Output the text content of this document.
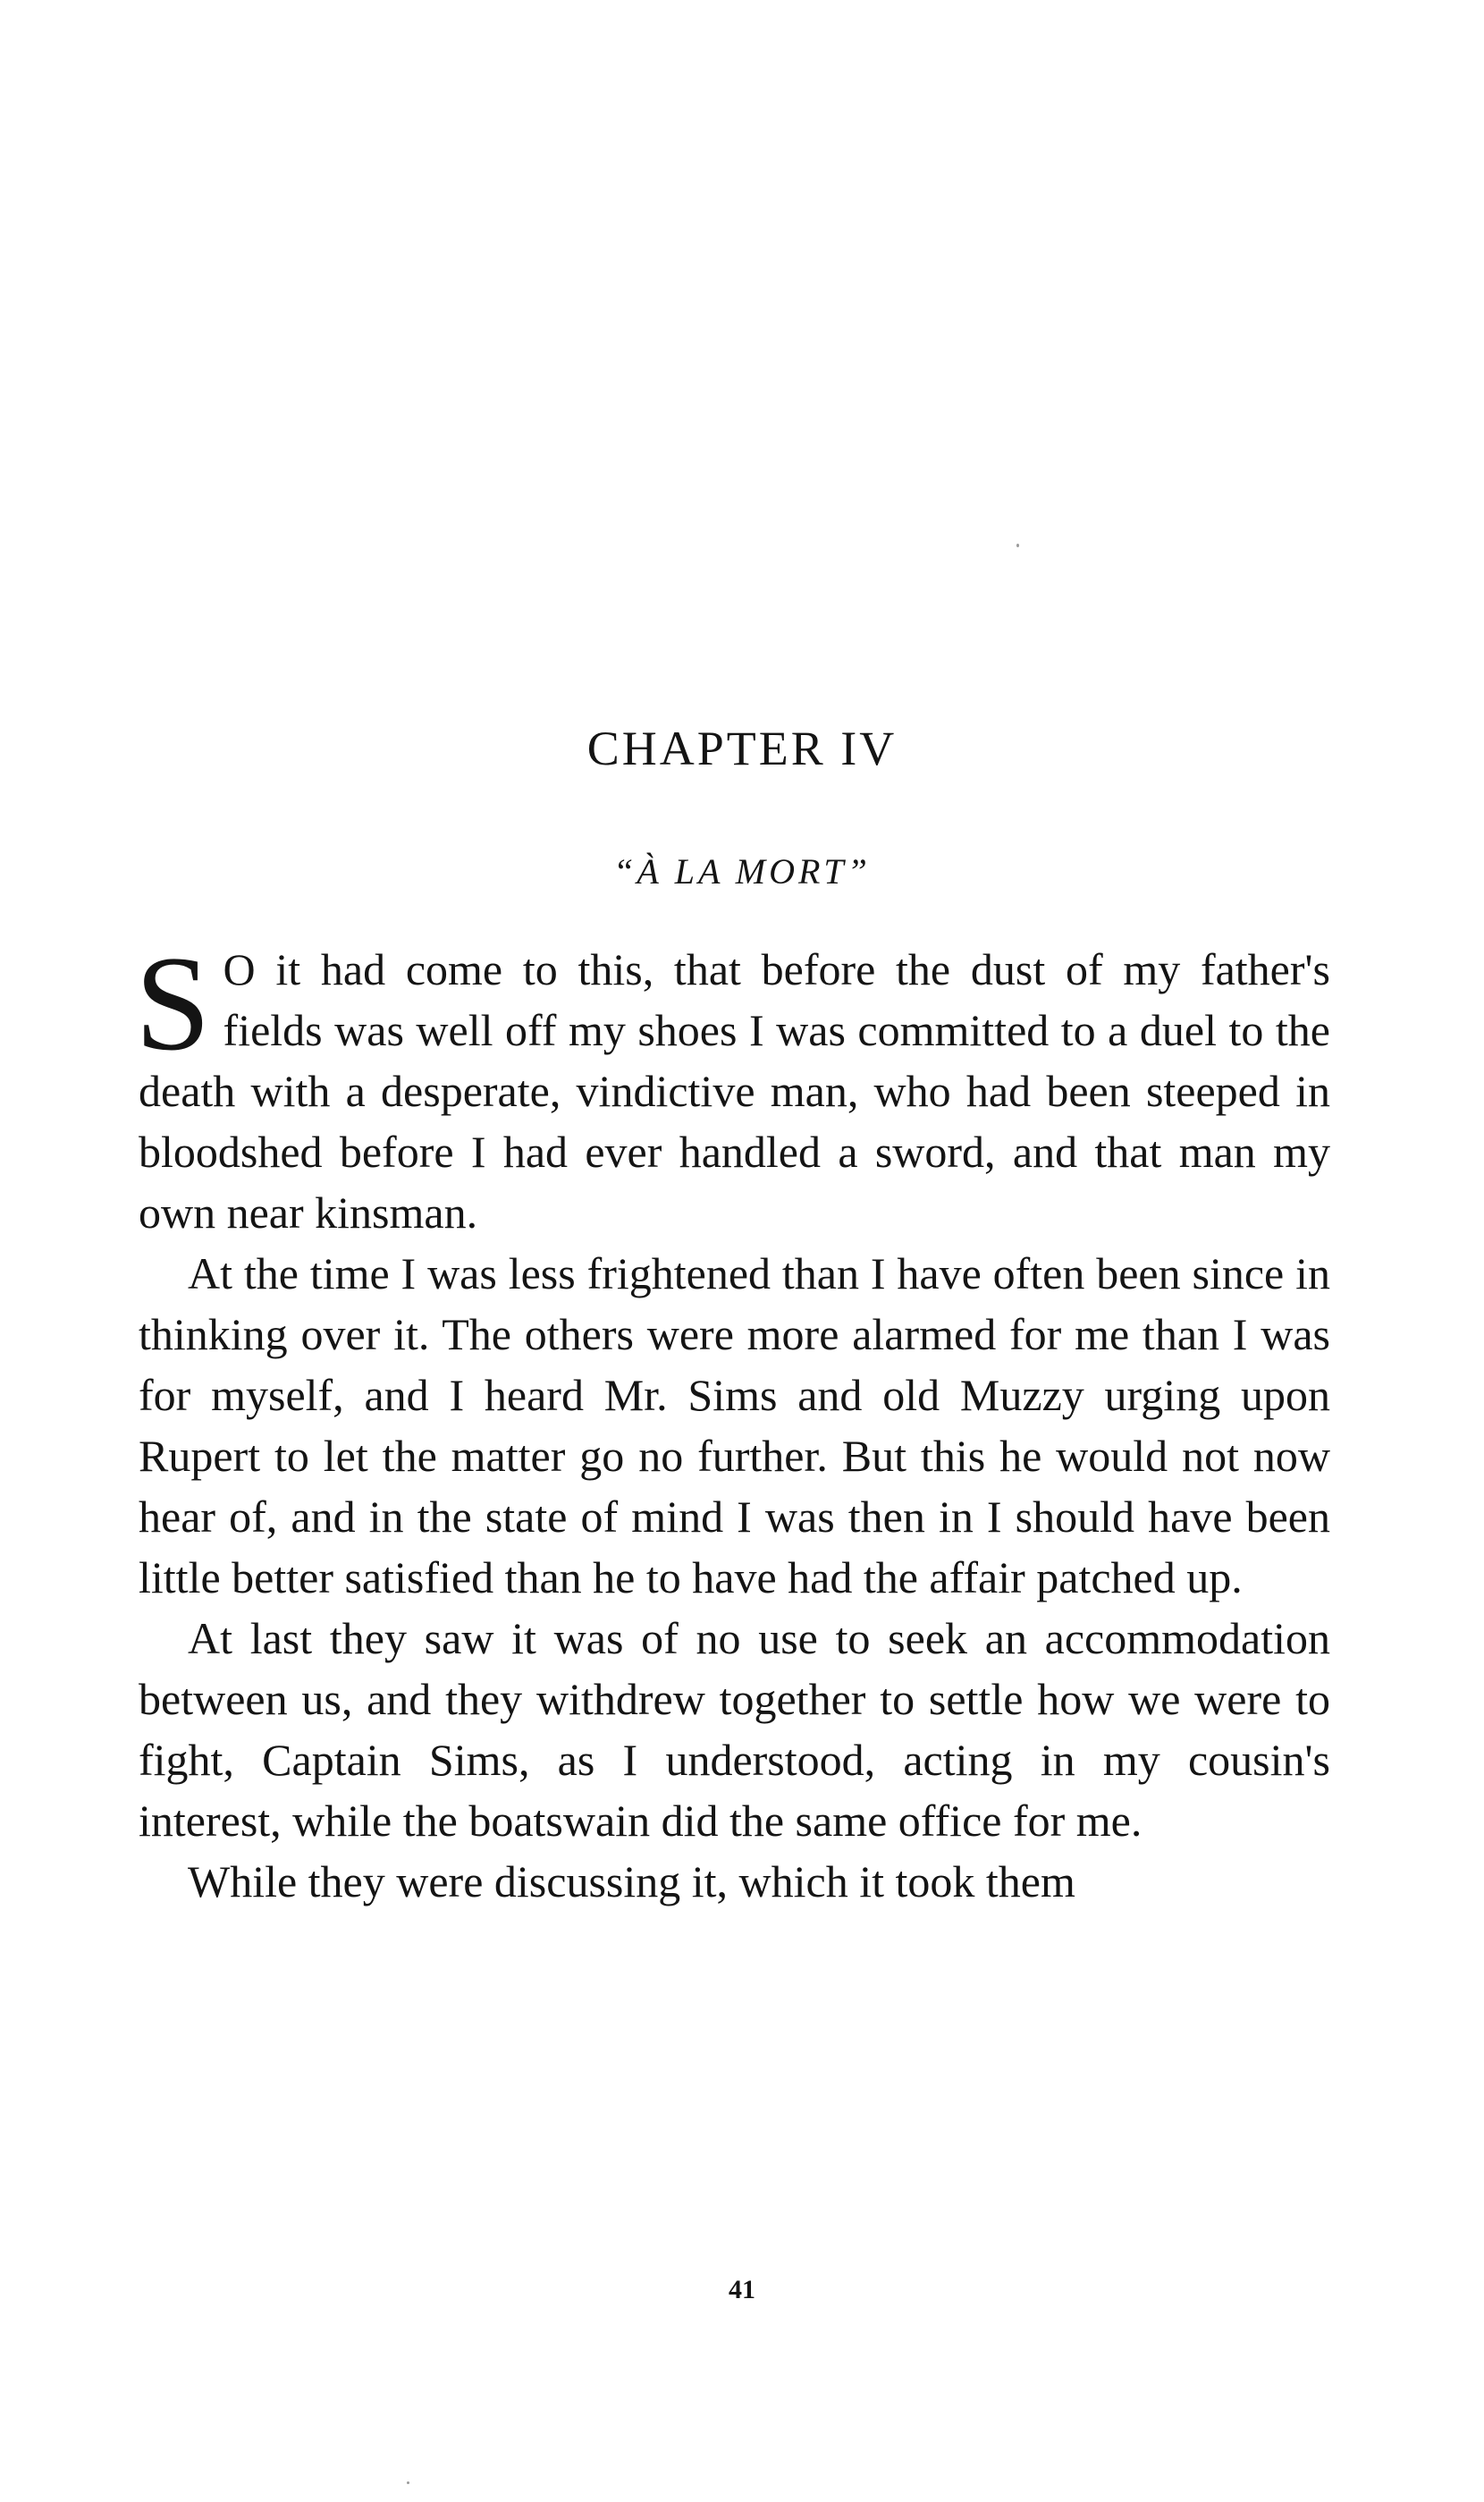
CHAPTER IV
“À LA MORT”

S O it had come to this, that before the dust of my father's fields was well off my shoes I was committed to a duel to the death with a desperate, vindictive man, who had been steeped in bloodshed before I had ever handled a sword, and that man my own near kinsman.

At the time I was less frightened than I have often been since in thinking over it. The others were more alarmed for me than I was for myself, and I heard Mr. Sims and old Muzzy urging upon Rupert to let the matter go no further. But this he would not now hear of, and in the state of mind I was then in I should have been little better satisfied than he to have had the affair patched up.

At last they saw it was of no use to seek an accommodation between us, and they withdrew together to settle how we were to fight, Captain Sims, as I understood, acting in my cousin's interest, while the boatswain did the same office for me.

While they were discussing it, which it took them

41
